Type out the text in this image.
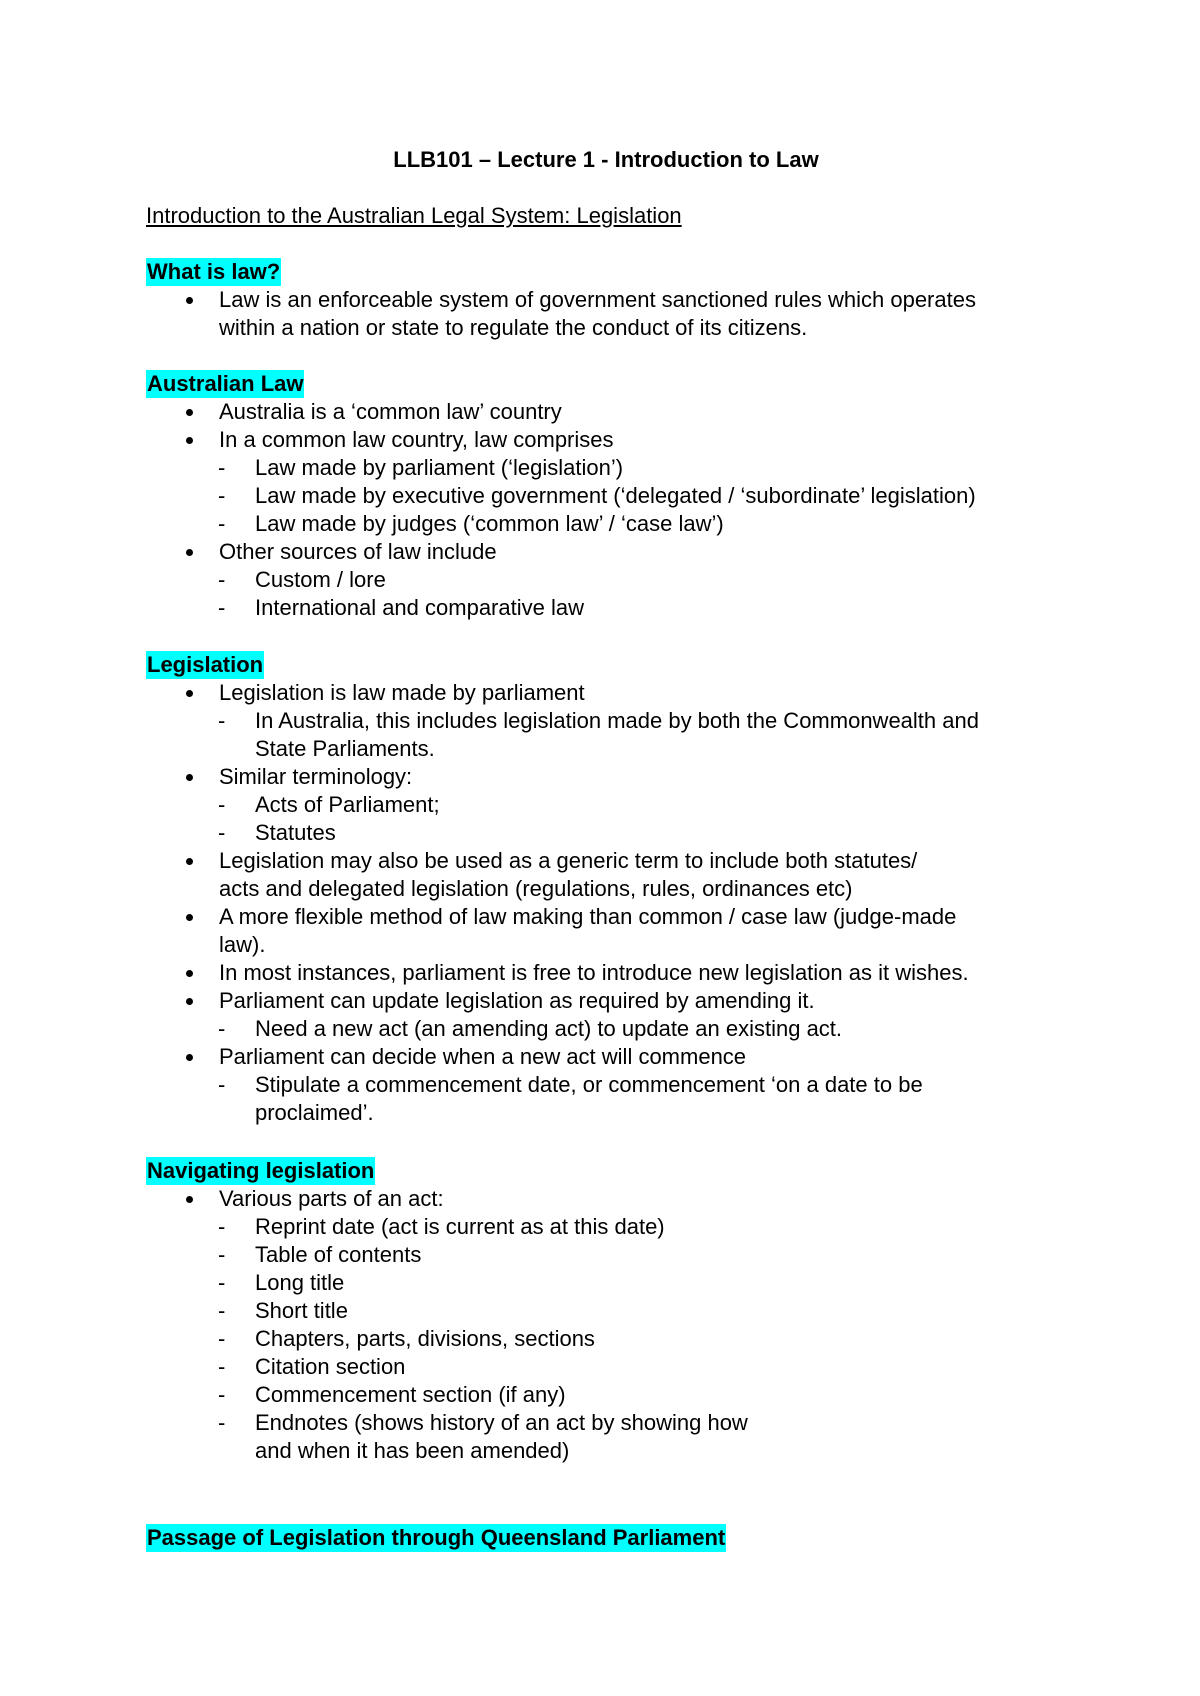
LLB101 – Lecture 1 - Introduction to Law
Introduction to the Australian Legal System: Legislation
What is law?
Law is an enforceable system of government sanctioned rules which operates within a nation or state to regulate the conduct of its citizens.
Australian Law
Australia is a ‘common law’ country
In a common law country, law comprises
- Law made by parliament (‘legislation’)
- Law made by executive government (‘delegated / ‘subordinate’ legislation)
- Law made by judges (‘common law’ / ‘case law’)
Other sources of law include
- Custom / lore
- International and comparative law
Legislation
Legislation is law made by parliament
- In Australia, this includes legislation made by both the Commonwealth and State Parliaments.
Similar terminology:
- Acts of Parliament;
- Statutes
Legislation may also be used as a generic term to include both statutes/ acts and delegated legislation (regulations, rules, ordinances etc)
A more flexible method of law making than common / case law (judge-made law).
In most instances, parliament is free to introduce new legislation as it wishes.
Parliament can update legislation as required by amending it.
- Need a new act (an amending act) to update an existing act.
Parliament can decide when a new act will commence
- Stipulate a commencement date, or commencement ‘on a date to be proclaimed’.
Navigating legislation
Various parts of an act:
- Reprint date (act is current as at this date)
- Table of contents
- Long title
- Short title
- Chapters, parts, divisions, sections
- Citation section
- Commencement section (if any)
- Endnotes (shows history of an act by showing how and when it has been amended)
Passage of Legislation through Queensland Parliament
